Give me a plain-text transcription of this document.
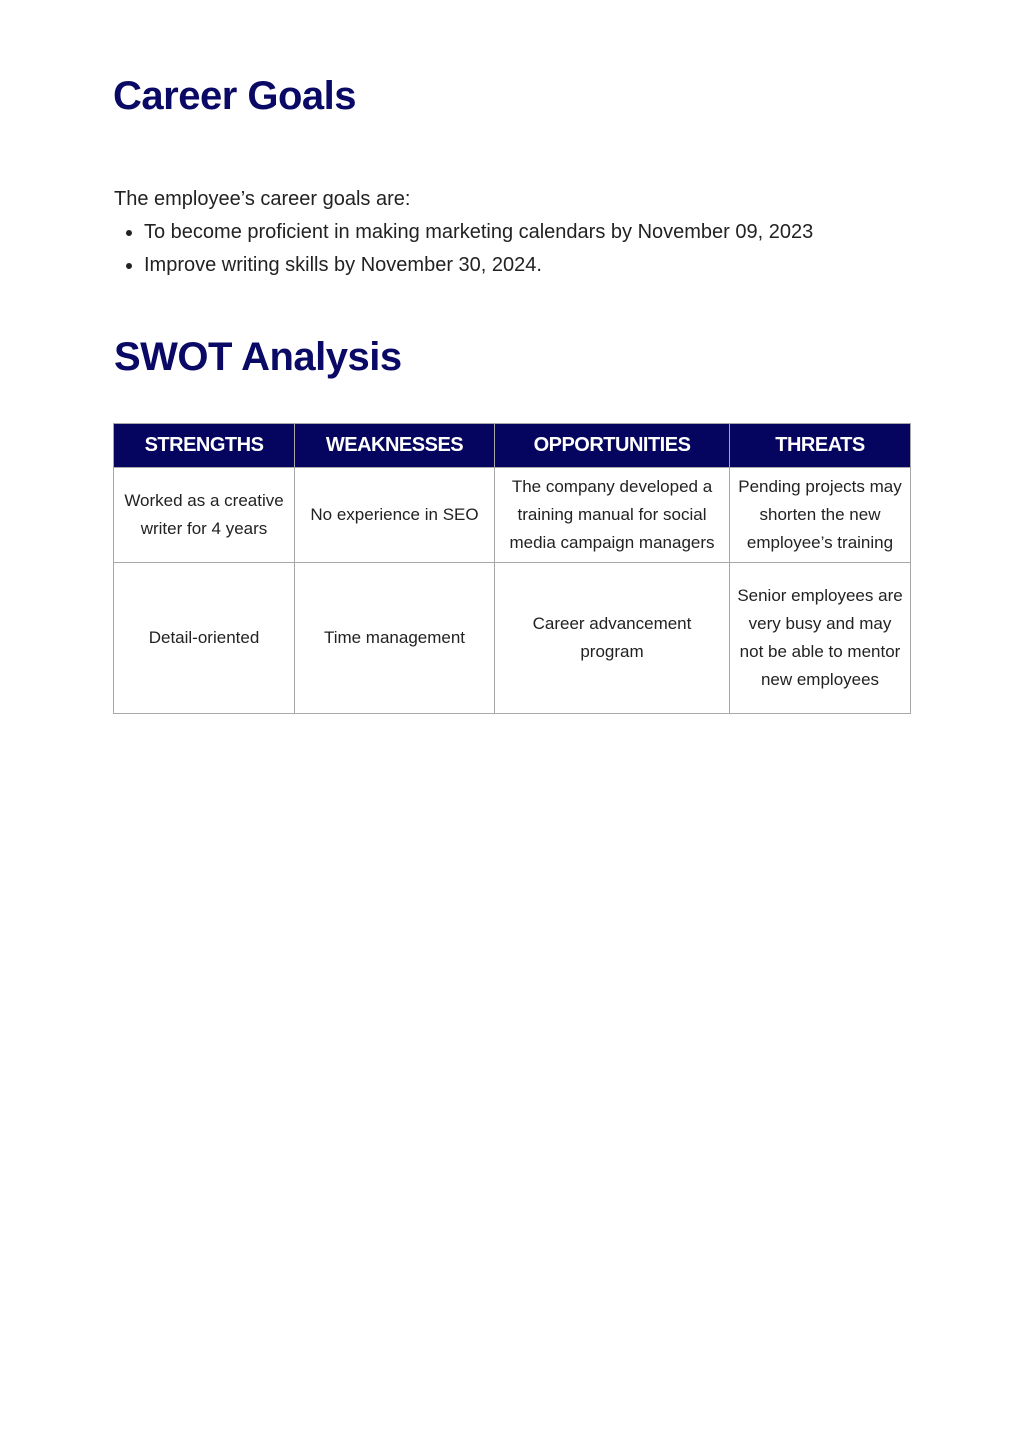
Career Goals
The employee’s career goals are:
To become proficient in making marketing calendars by November 09, 2023
Improve writing skills by November 30, 2024.
SWOT Analysis
STRENGTHS	WEAKNESSES	OPPORTUNITIES	THREATS
Worked as a creative writer for 4 years	No experience in SEO	The company developed a training manual for social media campaign managers	Pending projects may shorten the new employee’s training
Detail-oriented	Time management	Career advancement program	Senior employees are very busy and may not be able to mentor new employees
